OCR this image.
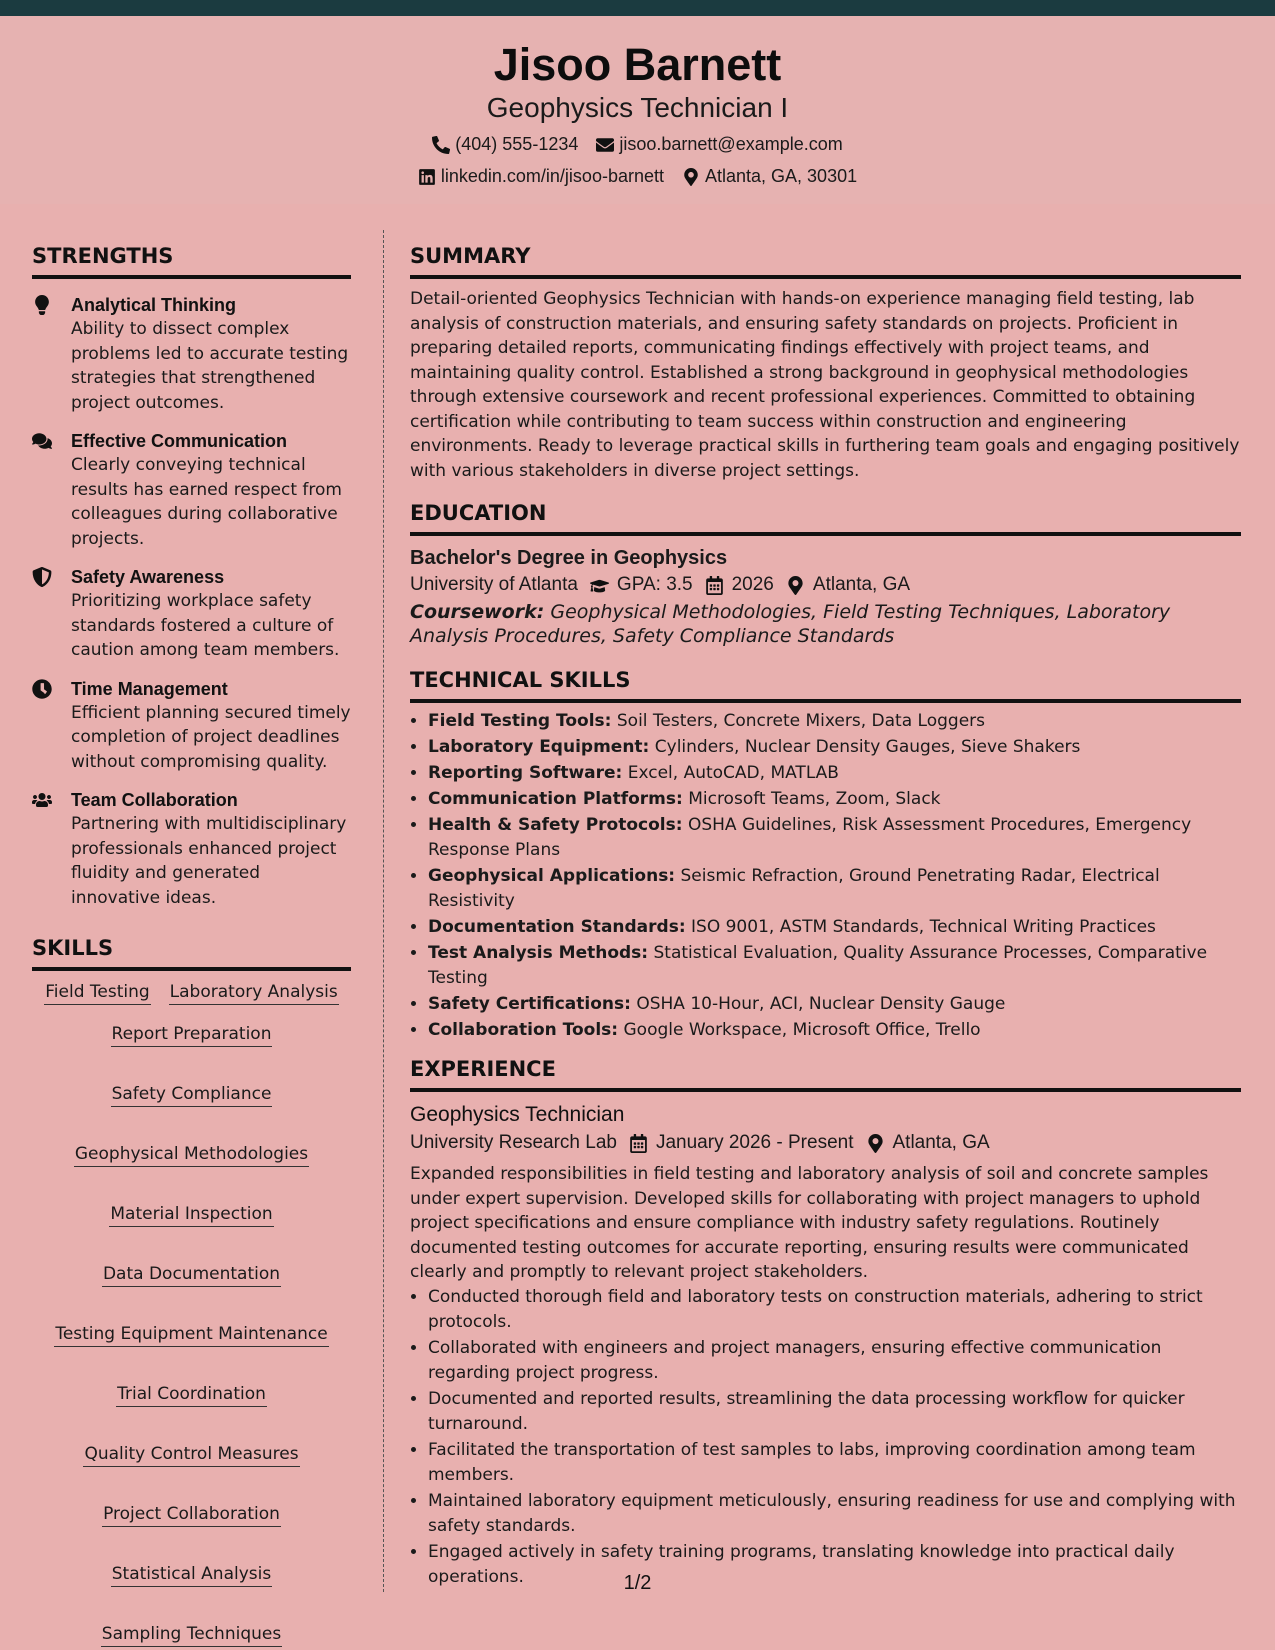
Jisoo Barnett
Geophysics Technician I
(404) 555-1234 jisoo.barnett@example.com
linkedin.com/in/jisoo-barnett Atlanta, GA, 30301
STRENGTHS
Analytical Thinking
Ability to dissect complex problems led to accurate testing strategies that strengthened project outcomes.
Effective Communication
Clearly conveying technical results has earned respect from colleagues during collaborative projects.
Safety Awareness
Prioritizing workplace safety standards fostered a culture of caution among team members.
Time Management
Efficient planning secured timely completion of project deadlines without compromising quality.
Team Collaboration
Partnering with multidisciplinary professionals enhanced project fluidity and generated innovative ideas.
SKILLS
Field Testing Laboratory Analysis
Report Preparation
Safety Compliance
Geophysical Methodologies
Material Inspection
Data Documentation
Testing Equipment Maintenance
Trial Coordination
Quality Control Measures
Project Collaboration
Statistical Analysis
Sampling Techniques
SUMMARY
Detail-oriented Geophysics Technician with hands-on experience managing field testing, lab analysis of construction materials, and ensuring safety standards on projects. Proficient in preparing detailed reports, communicating findings effectively with project teams, and maintaining quality control. Established a strong background in geophysical methodologies through extensive coursework and recent professional experiences. Committed to obtaining certification while contributing to team success within construction and engineering environments. Ready to leverage practical skills in furthering team goals and engaging positively with various stakeholders in diverse project settings.
EDUCATION
Bachelor's Degree in Geophysics
University of Atlanta GPA: 3.5 2026 Atlanta, GA
Coursework: Geophysical Methodologies, Field Testing Techniques, Laboratory Analysis Procedures, Safety Compliance Standards
TECHNICAL SKILLS
• Field Testing Tools: Soil Testers, Concrete Mixers, Data Loggers
• Laboratory Equipment: Cylinders, Nuclear Density Gauges, Sieve Shakers
• Reporting Software: Excel, AutoCAD, MATLAB
• Communication Platforms: Microsoft Teams, Zoom, Slack
• Health & Safety Protocols: OSHA Guidelines, Risk Assessment Procedures, Emergency Response Plans
• Geophysical Applications: Seismic Refraction, Ground Penetrating Radar, Electrical Resistivity
• Documentation Standards: ISO 9001, ASTM Standards, Technical Writing Practices
• Test Analysis Methods: Statistical Evaluation, Quality Assurance Processes, Comparative Testing
• Safety Certifications: OSHA 10-Hour, ACI, Nuclear Density Gauge
• Collaboration Tools: Google Workspace, Microsoft Office, Trello
EXPERIENCE
Geophysics Technician
University Research Lab January 2026 - Present Atlanta, GA
Expanded responsibilities in field testing and laboratory analysis of soil and concrete samples under expert supervision. Developed skills for collaborating with project managers to uphold project specifications and ensure compliance with industry safety regulations. Routinely documented testing outcomes for accurate reporting, ensuring results were communicated clearly and promptly to relevant project stakeholders.
• Conducted thorough field and laboratory tests on construction materials, adhering to strict protocols.
• Collaborated with engineers and project managers, ensuring effective communication regarding project progress.
• Documented and reported results, streamlining the data processing workflow for quicker turnaround.
• Facilitated the transportation of test samples to labs, improving coordination among team members.
• Maintained laboratory equipment meticulously, ensuring readiness for use and complying with safety standards.
• Engaged actively in safety training programs, translating knowledge into practical daily operations.	1/2
